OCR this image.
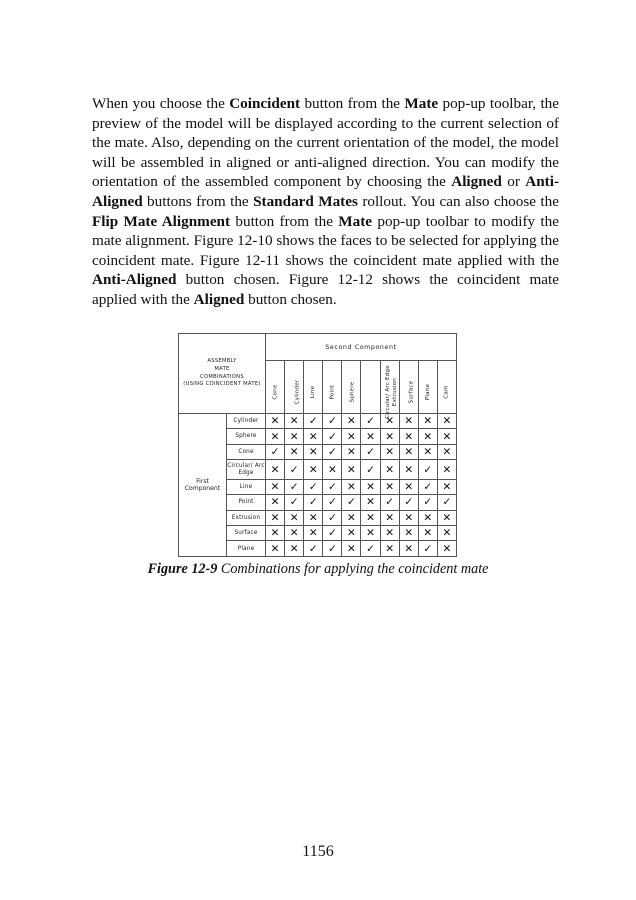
When you choose the Coincident button from the Mate pop-up toolbar, the preview of the model will be displayed according to the current selection of the mate. Also, depending on the current orientation of the model, the model will be assembled in aligned or anti-aligned direction. You can modify the orientation of the assembled component by choosing the Aligned or Anti-Aligned buttons from the Standard Mates rollout. You can also choose the Flip Mate Alignment button from the Mate pop-up toolbar to modify the mate alignment. Figure 12-10 shows the faces to be selected for applying the coincident mate. Figure 12-11 shows the coincident mate applied with the Anti-Aligned button chosen. Figure 12-12 shows the coincident mate applied with the Aligned button chosen.

ASSEMBLY
MATE
COMBINATIONS
(USING COINCIDENT MATE)		Second Component									
		Cone	Cylinder	Line	Point	Sphere	Circular/ Arc Edge	Extrusion	Surface	Plane	Cam

First
Component	Cylinder	✕	✕	✓	✓	✕	✓	✕	✕	✕	✕
	Sphere	✕	✕	✕	✓	✕	✕	✕	✕	✕	✕
	Cone	✓	✕	✕	✓	✕	✓	✕	✕	✕	✕
	Circular/ Arc Edge	✕	✓	✕	✕	✕	✓	✕	✕	✓	✕
	Line	✕	✓	✓	✓	✕	✕	✕	✕	✓	✕
	Point	✕	✓	✓	✓	✓	✕	✓	✓	✓	✓
	Extrusion	✕	✕	✕	✓	✕	✕	✕	✕	✕	✕
	Surface	✕	✕	✕	✓	✕	✕	✕	✕	✕	✕
	Plane	✕	✕	✓	✓	✕	✓	✕	✕	✓	✕
Figure 12-9 Combinations for applying the coincident mate
1156
